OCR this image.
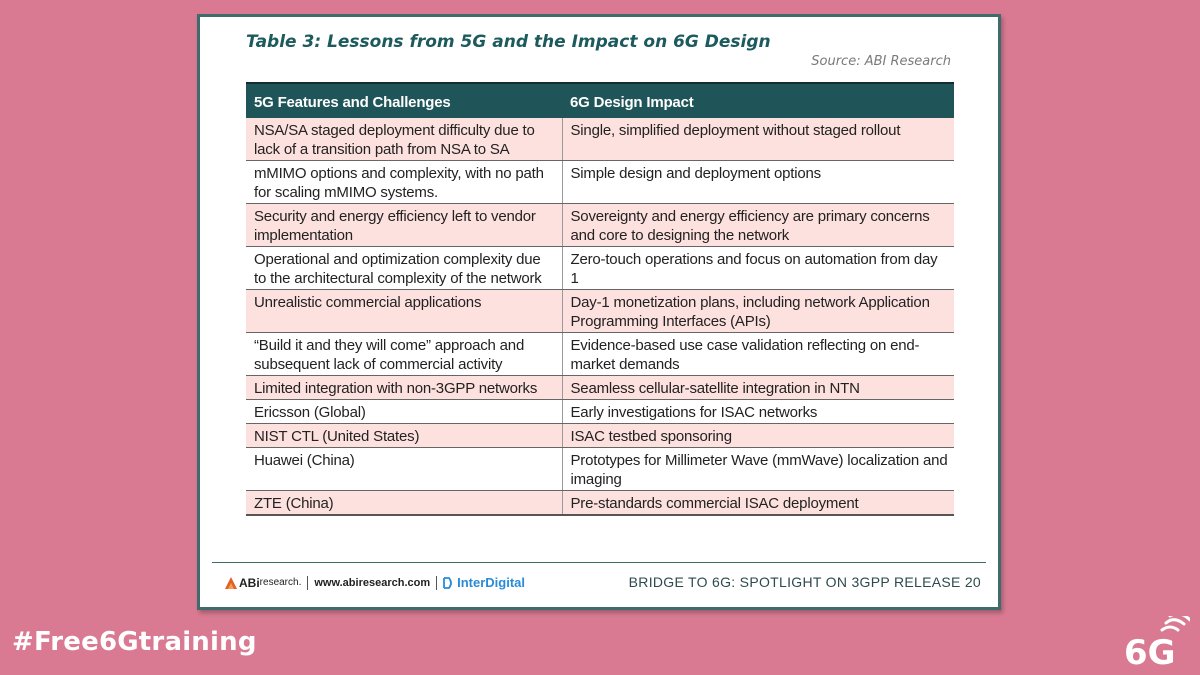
Table 3: Lessons from 5G and the Impact on 6G Design
Source: ABI Research
5G Features and Challenges	6G Design Impact
NSA/SA staged deployment difficulty due to lack of a transition path from NSA to SA	Single, simplified deployment without staged rollout
mMIMO options and complexity, with no path for scaling mMIMO systems.	Simple design and deployment options
Security and energy efficiency left to vendor implementation	Sovereignty and energy efficiency are primary concerns and core to designing the network
Operational and optimization complexity due to the architectural complexity of the network	Zero-touch operations and focus on automation from day 1
Unrealistic commercial applications	Day-1 monetization plans, including network Application Programming Interfaces (APIs)
“Build it and they will come” approach and subsequent lack of commercial activity	Evidence-based use case validation reflecting on end-market demands
Limited integration with non-3GPP networks	Seamless cellular-satellite integration in NTN
Ericsson (Global)	Early investigations for ISAC networks
NIST CTL (United States)	ISAC testbed sponsoring
Huawei (China)	Prototypes for Millimeter Wave (mmWave) localization and imaging
ZTE (China)	Pre-standards commercial ISAC deployment
ABi research. www.abiresearch.com InterDigital	BRIDGE TO 6G: SPOTLIGHT ON 3GPP RELEASE 20
#Free6Gtraining	6G
